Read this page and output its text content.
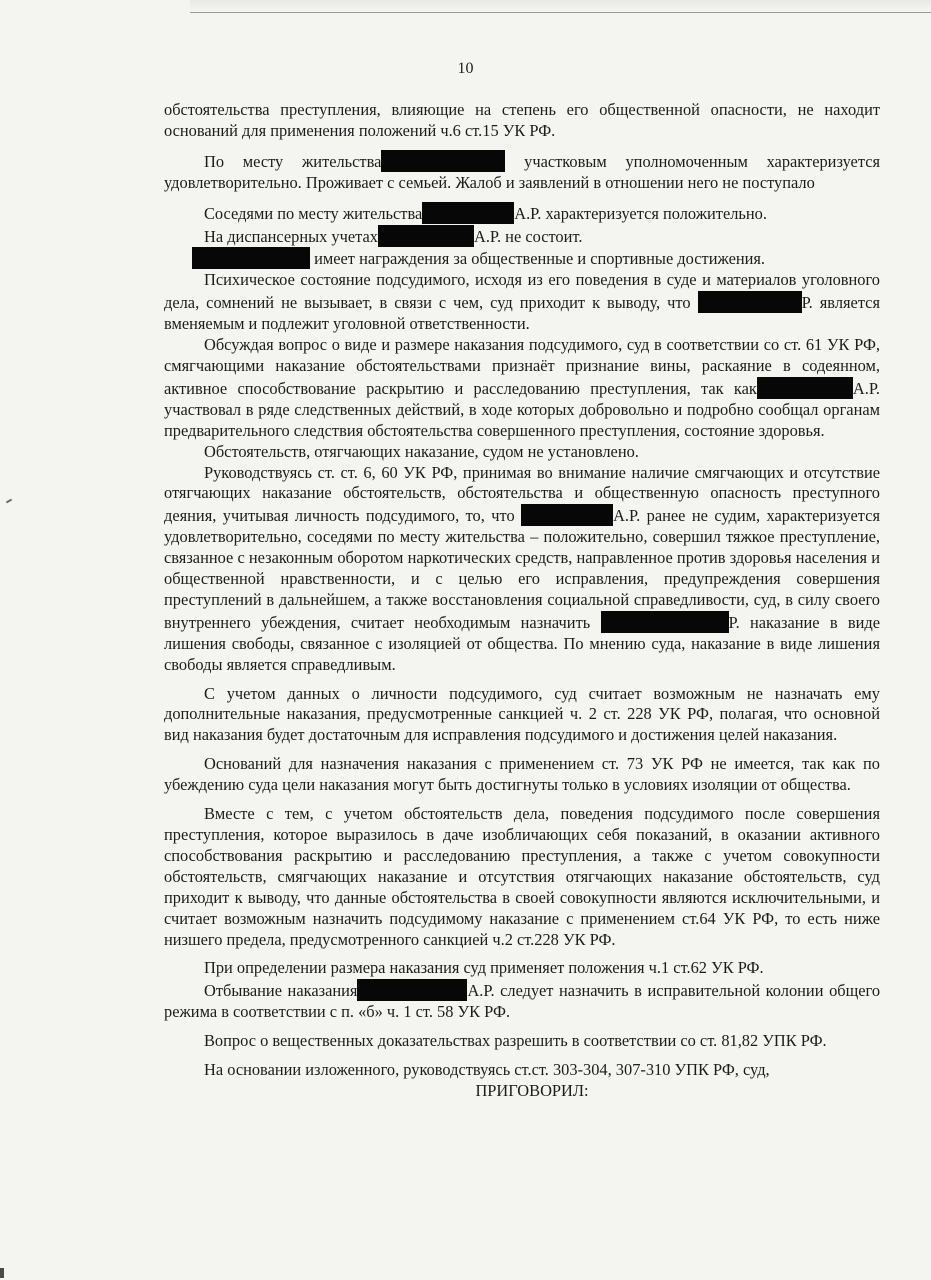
10

обстоятельства преступления, влияющие на степень его общественной опасности, не находит оснований для применения положений ч.6 ст.15 УК РФ.

По месту жительства	участковым уполномоченным характеризуется удовлетворительно. Проживает с семьей. Жалоб и заявлений в отношении него не поступало

Соседями по месту жительства	А.Р. характеризуется положительно.

На диспансерных учетах	А.Р. не состоит.

имеет награждения за общественные и спортивные достижения.

Психическое состояние подсудимого, исходя из его поведения в суде и материалов уголовного дела, сомнений не вызывает, в связи с чем, суд приходит к выводу, что	Р. является вменяемым и подлежит уголовной ответственности.

Обсуждая вопрос о виде и размере наказания подсудимого, суд в соответствии со ст. 61 УК РФ, смягчающими наказание обстоятельствами признаёт признание вины, раскаяние в содеянном, активное способствование раскрытию и расследованию преступления, так как	А.Р. участвовал в ряде следственных действий, в ходе которых добровольно и подробно сообщал органам предварительного следствия обстоятельства совершенного преступления, состояние здоровья.

Обстоятельств, отягчающих наказание, судом не установлено.

Руководствуясь ст. ст. 6, 60 УК РФ, принимая во внимание наличие смягчающих и отсутствие отягчающих наказание обстоятельств, обстоятельства и общественную опасность преступного деяния, учитывая личность подсудимого, то, что	А.Р. ранее не судим, характеризуется удовлетворительно, соседями по месту жительства – положительно, совершил тяжкое преступление, связанное с незаконным оборотом наркотических средств, направленное против здоровья населения и общественной нравственности, и с целью его исправления, предупреждения совершения преступлений в дальнейшем, а также восстановления социальной справедливости, суд, в силу своего внутреннего убеждения, считает необходимым назначить	Р. наказание в виде лишения свободы, связанное с изоляцией от общества. По мнению суда, наказание в виде лишения свободы является справедливым.

С учетом данных о личности подсудимого, суд считает возможным не назначать ему дополнительные наказания, предусмотренные санкцией ч. 2 ст. 228 УК РФ, полагая, что основной вид наказания будет достаточным для исправления подсудимого и достижения целей наказания.

Оснований для назначения наказания с применением ст. 73 УК РФ не имеется, так как по убеждению суда цели наказания могут быть достигнуты только в условиях изоляции от общества.

Вместе с тем, с учетом обстоятельств дела, поведения подсудимого после совершения преступления, которое выразилось в даче изобличающих себя показаний, в оказании активного способствования раскрытию и расследованию преступления, а также с учетом совокупности обстоятельств, смягчающих наказание и отсутствия отягчающих наказание обстоятельств, суд приходит к выводу, что данные обстоятельства в своей совокупности являются исключительными, и считает возможным назначить подсудимому наказание с применением ст.64 УК РФ, то есть ниже низшего предела, предусмотренного санкцией ч.2 ст.228 УК РФ.

При определении размера наказания суд применяет положения ч.1 ст.62 УК РФ.

Отбывание наказания	А.Р. следует назначить в исправительной колонии общего режима в соответствии с п. «б» ч. 1 ст. 58 УК РФ.

Вопрос о вещественных доказательствах разрешить в соответствии со ст. 81,82 УПК РФ.

На основании изложенного, руководствуясь ст.ст. 303-304, 307-310 УПК РФ, суд,

ПРИГОВОРИЛ:
